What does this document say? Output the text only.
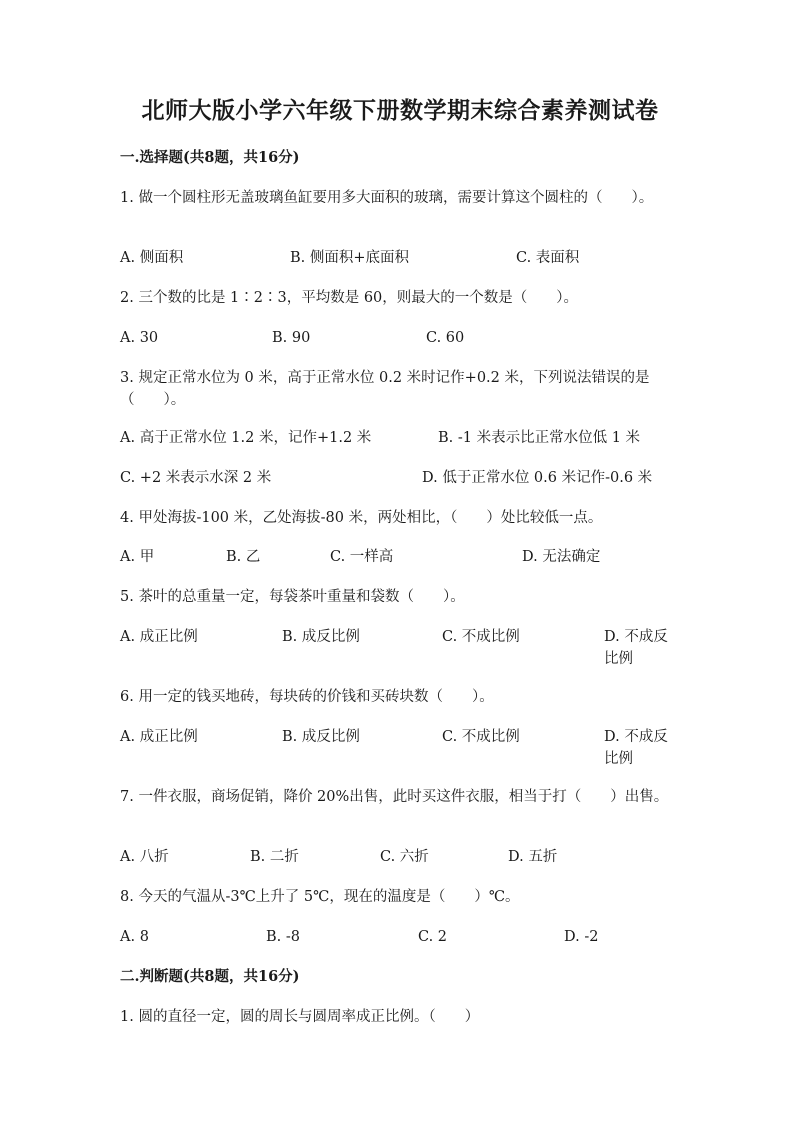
北师大版小学六年级下册数学期末综合素养测试卷
一.选择题(共8题，共16分)
1. 做一个圆柱形无盖玻璃鱼缸要用多大面积的玻璃，需要计算这个圆柱的（　　）。
A. 侧面积	B. 侧面积+底面积	C. 表面积
2. 三个数的比是 1∶2∶3，平均数是 60，则最大的一个数是（　　）。
A. 30	B. 90	C. 60
3. 规定正常水位为 0 米，高于正常水位 0.2 米时记作+0.2 米，下列说法错误的是（　　）。
A. 高于正常水位 1.2 米，记作+1.2 米	B. -1 米表示比正常水位低 1 米
C. +2 米表示水深 2 米	D. 低于正常水位 0.6 米记作-0.6 米
4. 甲处海拔-100 米，乙处海拔-80 米，两处相比，（　　）处比较低一点。
A. 甲	B. 乙	C. 一样高	D. 无法确定
5. 茶叶的总重量一定，每袋茶叶重量和袋数（　　）。
A. 成正比例	B. 成反比例	C. 不成比例	D. 不成反比例
6. 用一定的钱买地砖，每块砖的价钱和买砖块数（　　）。
A. 成正比例	B. 成反比例	C. 不成比例	D. 不成反比例
7. 一件衣服，商场促销，降价 20%出售，此时买这件衣服，相当于打（　　）出售。
A. 八折	B. 二折	C. 六折	D. 五折
8. 今天的气温从-3℃上升了 5℃，现在的温度是（　　）℃。
A. 8	B. -8	C. 2	D. -2
二.判断题(共8题，共16分)
1. 圆的直径一定，圆的周长与圆周率成正比例。（　　）
